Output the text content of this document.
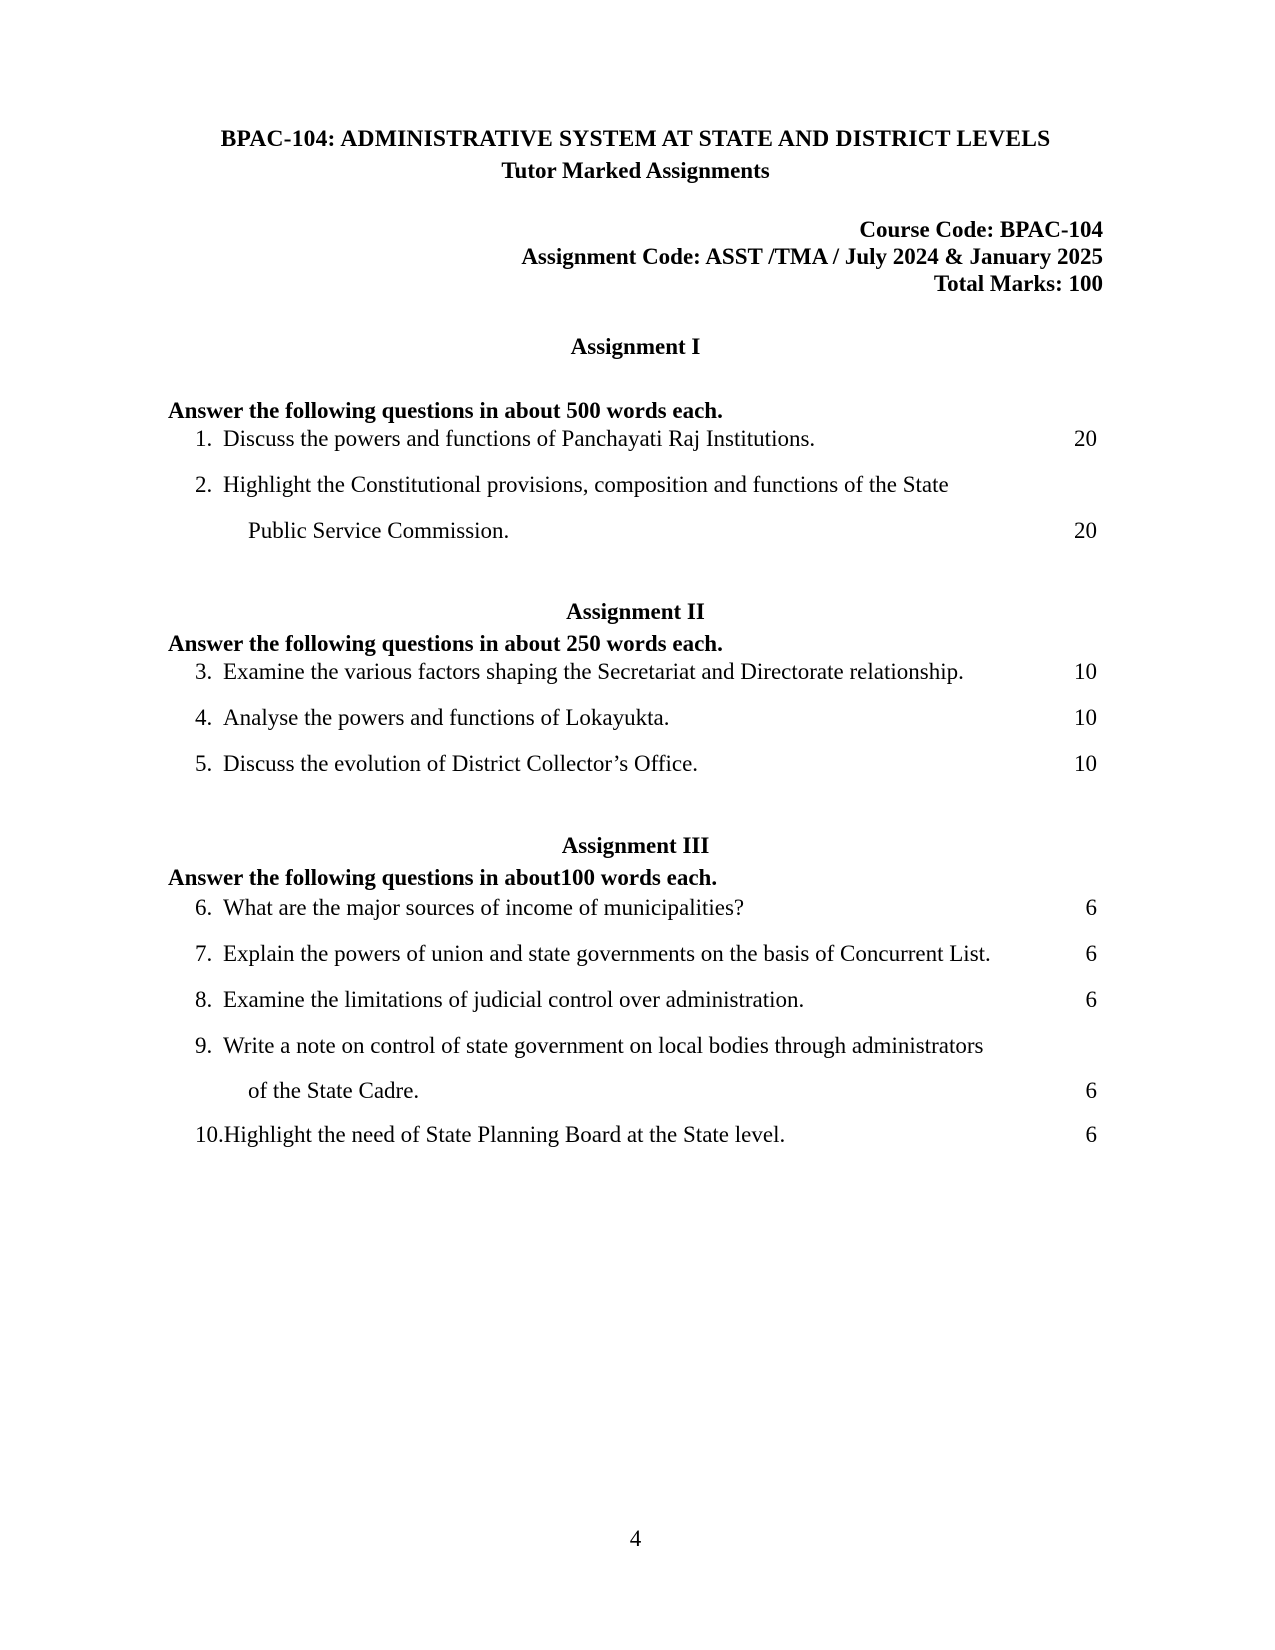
BPAC-104: ADMINISTRATIVE SYSTEM AT STATE AND DISTRICT LEVELS
Tutor Marked Assignments
Course Code: BPAC-104
Assignment Code: ASST /TMA / July 2024 & January 2025
Total Marks: 100
Assignment I
Answer the following questions in about 500 words each.
1. Discuss the powers and functions of Panchayati Raj Institutions.	20
2. Highlight the Constitutional provisions, composition and functions of the State
Public Service Commission.	20
Assignment II
Answer the following questions in about 250 words each.
3. Examine the various factors shaping the Secretariat and Directorate relationship.	10
4. Analyse the powers and functions of Lokayukta.	10
5. Discuss the evolution of District Collector’s Office.	10
Assignment III
Answer the following questions in about100 words each.
6. What are the major sources of income of municipalities?	6
7. Explain the powers of union and state governments on the basis of Concurrent List.	6
8. Examine the limitations of judicial control over administration.	6
9. Write a note on control of state government on local bodies through administrators
of the State Cadre.	6
10.Highlight the need of State Planning Board at the State level.	6
4
